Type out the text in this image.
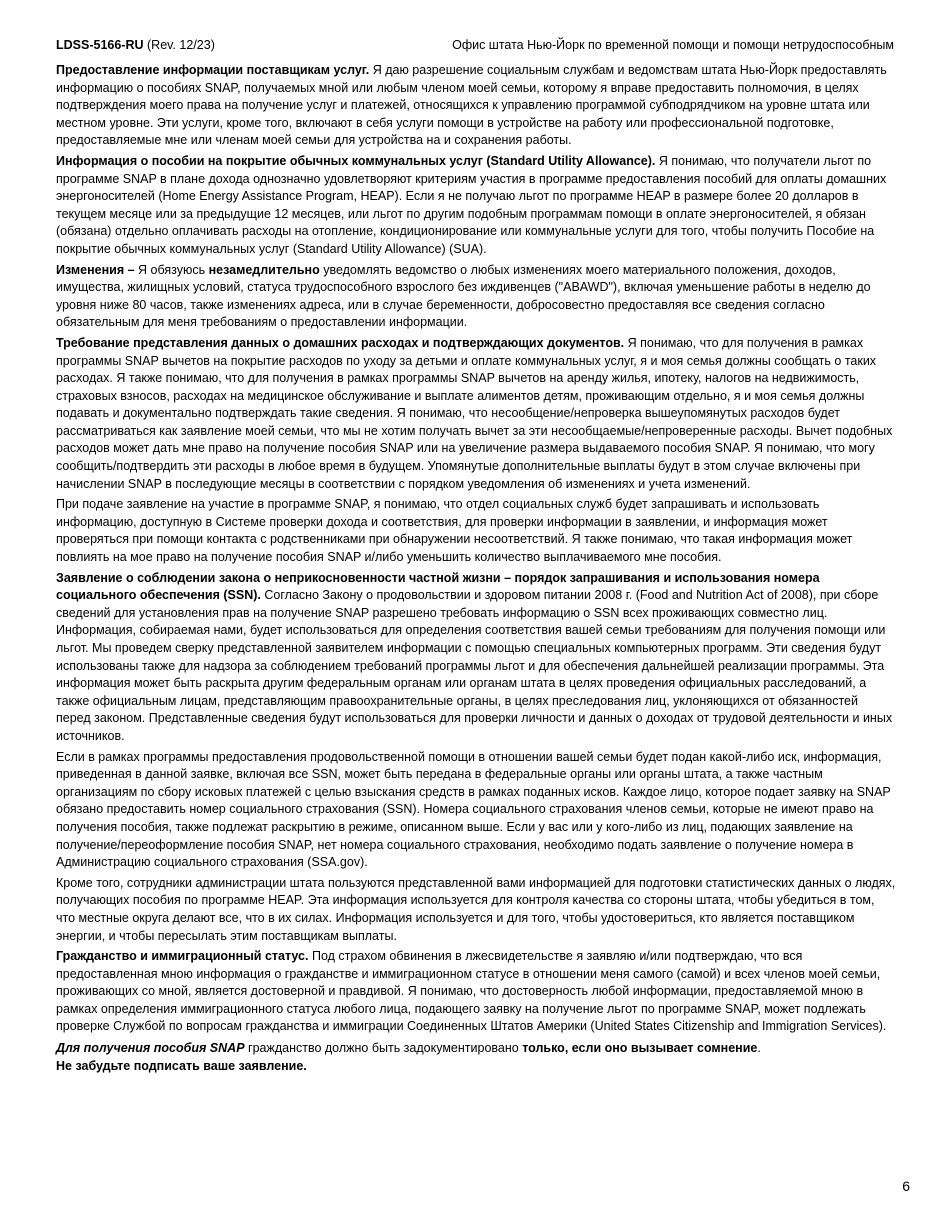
LDSS-5166-RU (Rev. 12/23)	Офис штата Нью-Йорк по временной помощи и помощи нетрудоспособным

Предоставление информации поставщикам услуг. Я даю разрешение социальным службам и ведомствам штата Нью-Йорк предоставлять информацию о пособиях SNAP, получаемых мной или любым членом моей семьи, которому я вправе предоставить полномочия, в целях подтверждения моего права на получение услуг и платежей, относящихся к управлению программой субподрядчиком на уровне штата или местном уровне. Эти услуги, кроме того, включают в себя услуги помощи в устройстве на работу или профессиональной подготовке, предоставляемые мне или членам моей семьи для устройства на и сохранения работы.

Информация о пособии на покрытие обычных коммунальных услуг (Standard Utility Allowance). Я понимаю, что получатели льгот по программе SNAP в плане дохода однозначно удовлетворяют критериям участия в программе предоставления пособий для оплаты домашних энергоносителей (Home Energy Assistance Program, HEAP). Если я не получаю льгот по программе HEAP в размере более 20 долларов в текущем месяце или за предыдущие 12 месяцев, или льгот по другим подобным программам помощи в оплате энергоносителей, я обязан (обязана) отдельно оплачивать расходы на отопление, кондиционирование или коммунальные услуги для того, чтобы получить Пособие на покрытие обычных коммунальных услуг (Standard Utility Allowance) (SUA).

Изменения – Я обязуюсь незамедлительно уведомлять ведомство о любых изменениях моего материального положения, доходов, имущества, жилищных условий, статуса трудоспособного взрослого без иждивенцев ("ABAWD"), включая уменьшение работы в неделю до уровня ниже 80 часов, также изменениях адреса, или в случае беременности, добросовестно предоставляя все сведения согласно обязательным для меня требованиям о предоставлении информации.

Требование представления данных о домашних расходах и подтверждающих документов. Я понимаю, что для получения в рамках программы SNAP вычетов на покрытие расходов по уходу за детьми и оплате коммунальных услуг, я и моя семья должны сообщать о таких расходах. Я также понимаю, что для получения в рамках программы SNAP вычетов на аренду жилья, ипотеку, налогов на недвижимость, страховых взносов, расходах на медицинское обслуживание и выплате алиментов детям, проживающим отдельно, я и моя семья должны подавать и документально подтверждать такие сведения. Я понимаю, что несообщение/непроверка вышеупомянутых расходов будет рассматриваться как заявление моей семьи, что мы не хотим получать вычет за эти несообщаемые/непроверенные расходы. Вычет подобных расходов может дать мне право на получение пособия SNAP или на увеличение размера выдаваемого пособия SNAP. Я понимаю, что могу сообщить/подтвердить эти расходы в любое время в будущем. Упомянутые дополнительные выплаты будут в этом случае включены при начислении SNAP в последующие месяцы в соответствии с порядком уведомления об изменениях и учета изменений.

При подаче заявление на участие в программе SNAP, я понимаю, что отдел социальных служб будет запрашивать и использовать информацию, доступную в Системе проверки дохода и соответствия, для проверки информации в заявлении, и информация может проверяться при помощи контакта с родственниками при обнаружении несоответствий. Я также понимаю, что такая информация может повлиять на мое право на получение пособия SNAP и/либо уменьшить количество выплачиваемого мне пособия.

Заявление о соблюдении закона о неприкосновенности частной жизни – порядок запрашивания и использования номера социального обеспечения (SSN). Согласно Закону о продовольствии и здоровом питании 2008 г. (Food and Nutrition Act of 2008), при сборе сведений для установления прав на получение SNAP разрешено требовать информацию о SSN всех проживающих совместно лиц. Информация, собираемая нами, будет использоваться для определения соответствия вашей семьи требованиям для получения помощи или льгот. Мы проведем сверку представленной заявителем информации с помощью специальных компьютерных программ. Эти сведения будут использованы также для надзора за соблюдением требований программы льгот и для обеспечения дальнейшей реализации программы. Эта информация может быть раскрыта другим федеральным органам или органам штата в целях проведения официальных расследований, а также официальным лицам, представляющим правоохранительные органы, в целях преследования лиц, уклоняющихся от обязанностей перед законом. Представленные сведения будут использоваться для проверки личности и данных о доходах от трудовой деятельности и иных источников.

Если в рамках программы предоставления продовольственной помощи в отношении вашей семьи будет подан какой-либо иск, информация, приведенная в данной заявке, включая все SSN, может быть передана в федеральные органы или органы штата, а также частным организациям по сбору исковых платежей с целью взыскания средств в рамках поданных исков. Каждое лицо, которое подает заявку на SNAP обязано предоставить номер социального страхования (SSN). Номера социального страхования членов семьи, которые не имеют право на получения пособия, также подлежат раскрытию в режиме, описанном выше. Если у вас или у кого-либо из лиц, подающих заявление на получение/переоформление пособия SNAP, нет номера социального страхования, необходимо подать заявление о получение номера в Администрацию социального страхования (SSA.gov).

Кроме того, сотрудники администрации штата пользуются представленной вами информацией для подготовки статистических данных о людях, получающих пособия по программе HEAP. Эта информация используется для контроля качества со стороны штата, чтобы убедиться в том, что местные округа делают все, что в их силах. Информация используется и для того, чтобы удостовериться, кто является поставщиком энергии, и чтобы пересылать этим поставщикам выплаты.

Гражданство и иммиграционный статус. Под страхом обвинения в лжесвидетельстве я заявляю и/или подтверждаю, что вся предоставленная мною информация о гражданстве и иммиграционном статусе в отношении меня самого (самой) и всех членов моей семьи, проживающих со мной, является достоверной и правдивой. Я понимаю, что достоверность любой информации, предоставляемой мною в рамках определения иммиграционного статуса любого лица, подающего заявку на получение льгот по программе SNAP, может подлежать проверке Службой по вопросам гражданства и иммиграции Соединенных Штатов Америки (United States Citizenship and Immigration Services).

Для получения пособия SNAP гражданство должно быть задокументировано только, если оно вызывает сомнение.
Не забудьте подписать ваше заявление.

6
